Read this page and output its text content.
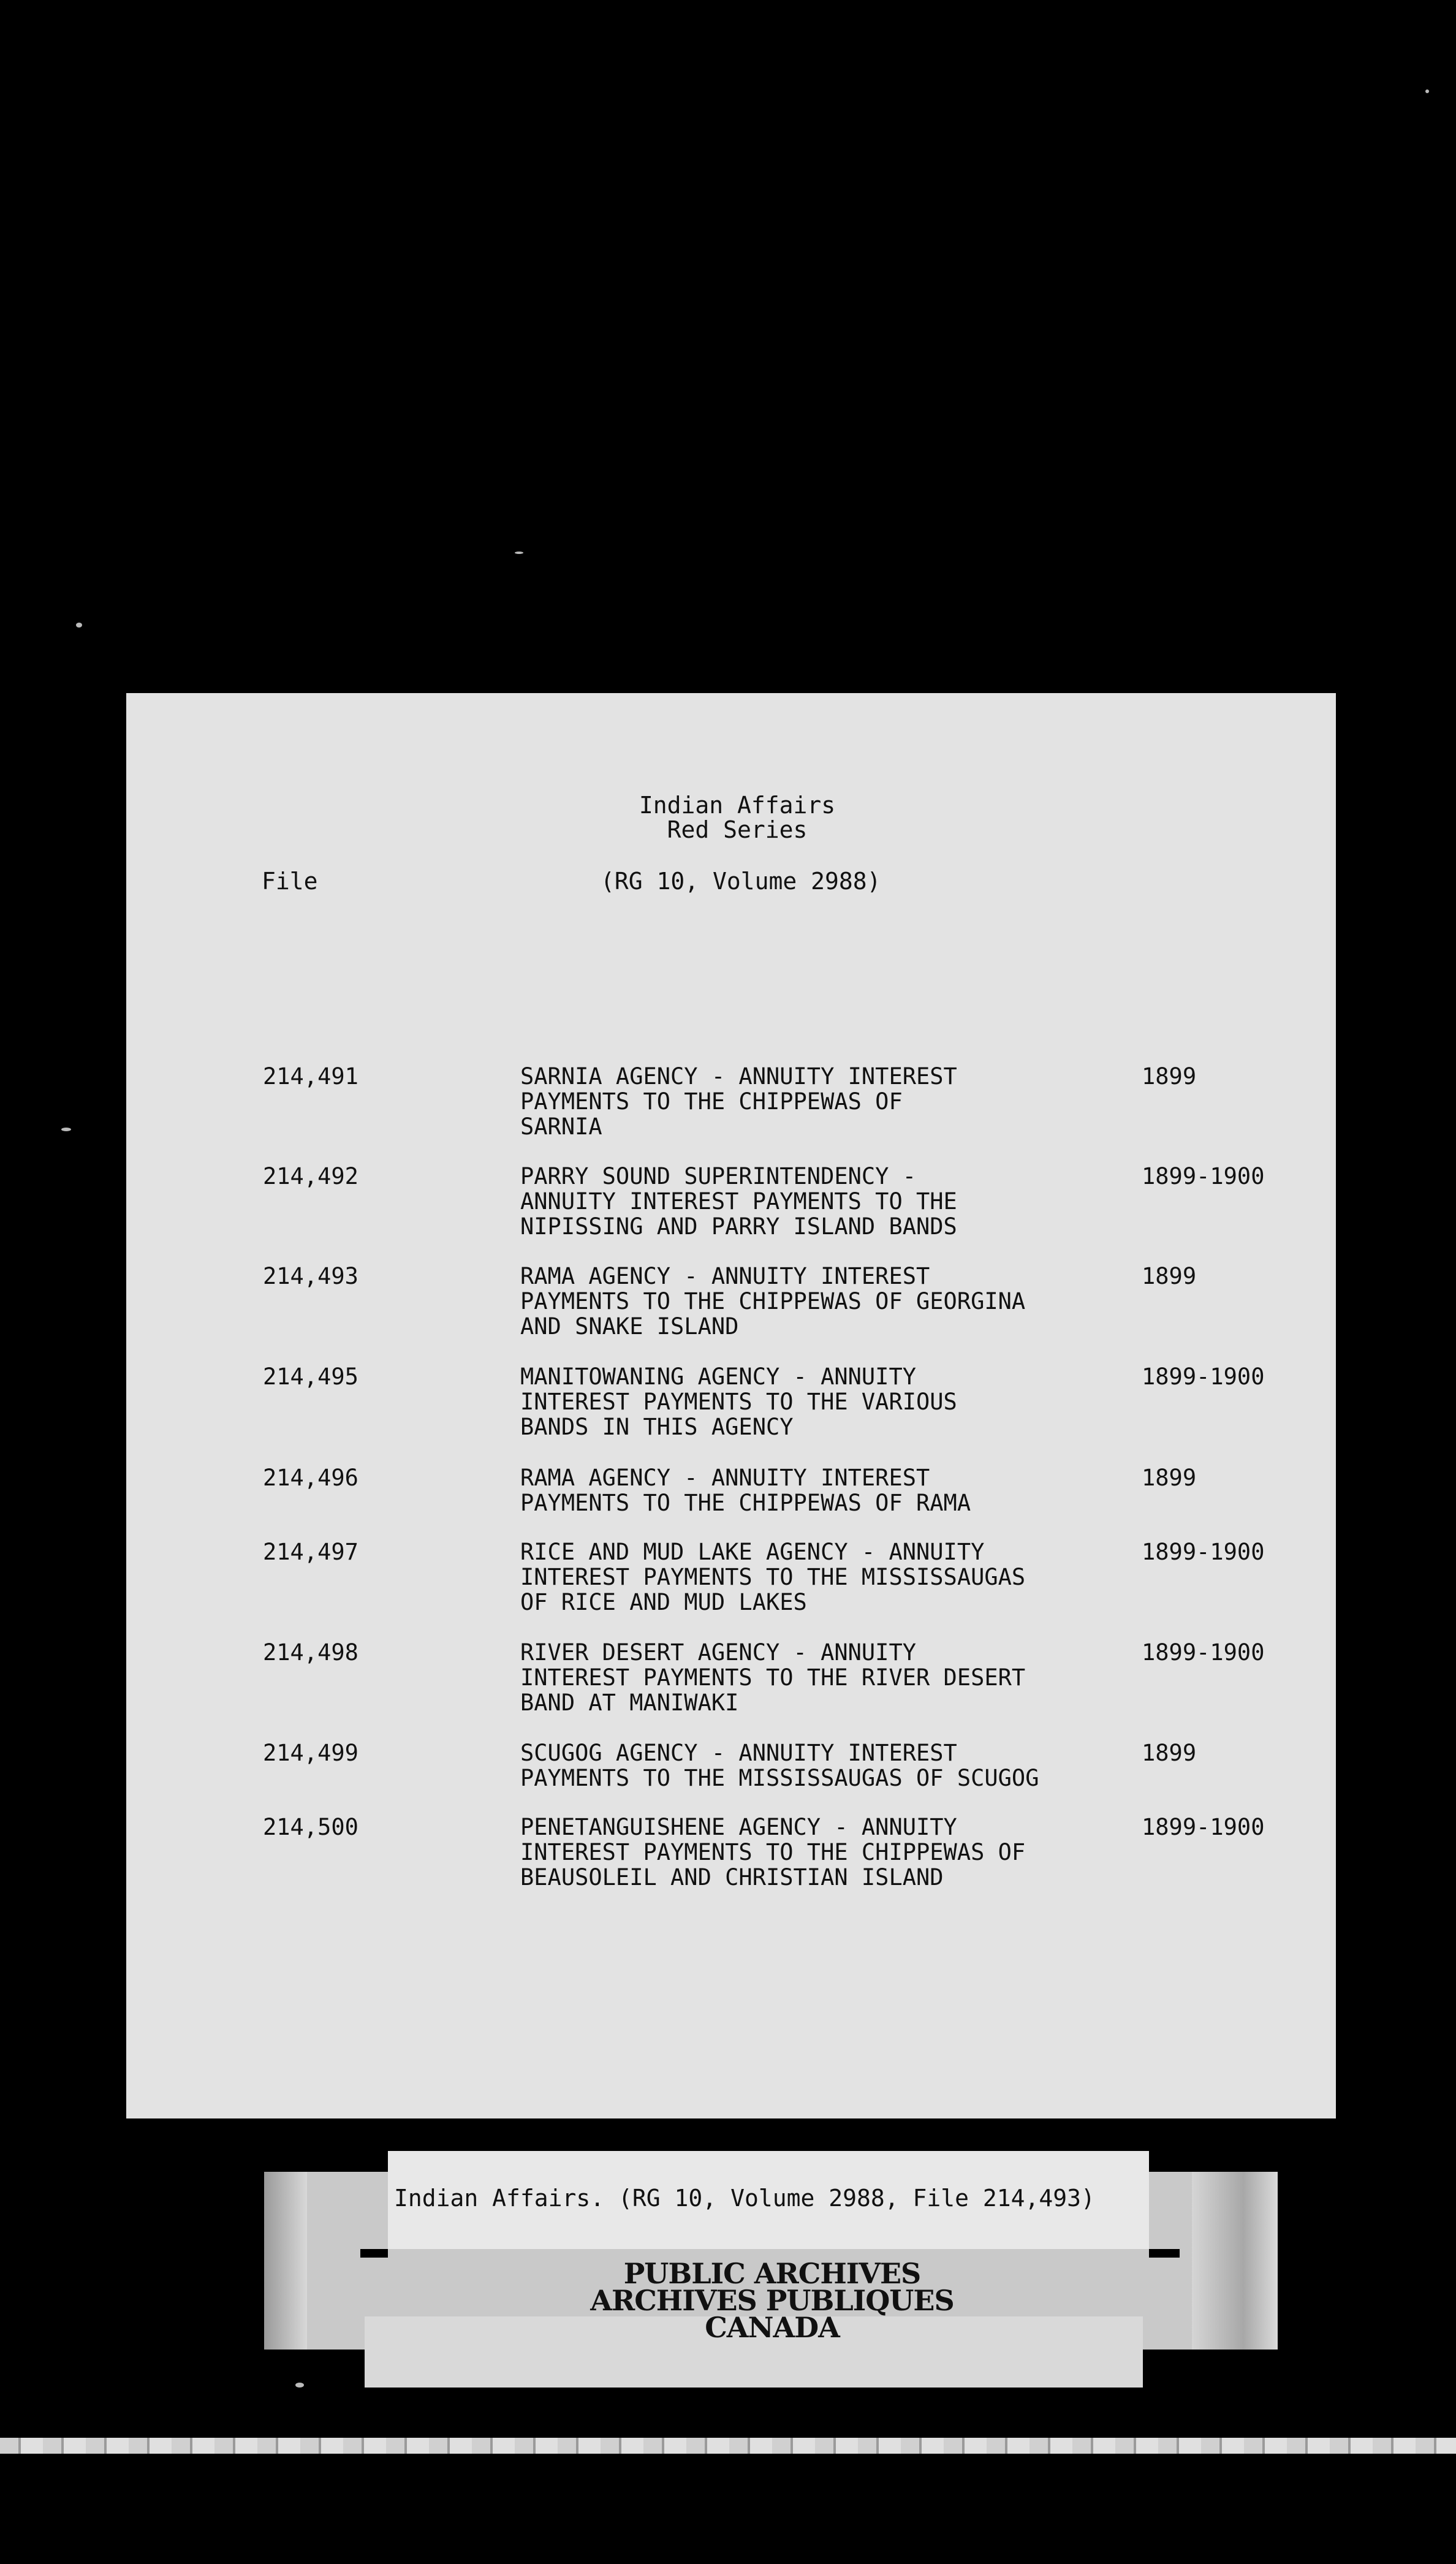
Indian Affairs
Red Series
File	(RG 10, Volume 2988)
214,491	SARNIA AGENCY - ANNUITY INTEREST
PAYMENTS TO THE CHIPPEWAS OF
SARNIA
1899
214,492	PARRY SOUND SUPERINTENDENCY -
ANNUITY INTEREST PAYMENTS TO THE
NIPISSING AND PARRY ISLAND BANDS
1899-1900
214,493	RAMA AGENCY - ANNUITY INTEREST
PAYMENTS TO THE CHIPPEWAS OF GEORGINA
AND SNAKE ISLAND
1899
214,495	MANITOWANING AGENCY - ANNUITY
INTEREST PAYMENTS TO THE VARIOUS
BANDS IN THIS AGENCY
1899-1900
214,496	RAMA AGENCY - ANNUITY INTEREST
PAYMENTS TO THE CHIPPEWAS OF RAMA
1899
214,497	RICE AND MUD LAKE AGENCY - ANNUITY
INTEREST PAYMENTS TO THE MISSISSAUGAS
OF RICE AND MUD LAKES
1899-1900
214,498	RIVER DESERT AGENCY - ANNUITY
INTEREST PAYMENTS TO THE RIVER DESERT
BAND AT MANIWAKI
1899-1900
214,499	SCUGOG AGENCY - ANNUITY INTEREST
PAYMENTS TO THE MISSISSAUGAS OF SCUGOG
1899
214,500	PENETANGUISHENE AGENCY - ANNUITY
INTEREST PAYMENTS TO THE CHIPPEWAS OF
BEAUSOLEIL AND CHRISTIAN ISLAND
1899-1900
Indian Affairs. (RG 10, Volume 2988, File 214,493)
PUBLIC ARCHIVES
ARCHIVES PUBLIQUES
CANADA
